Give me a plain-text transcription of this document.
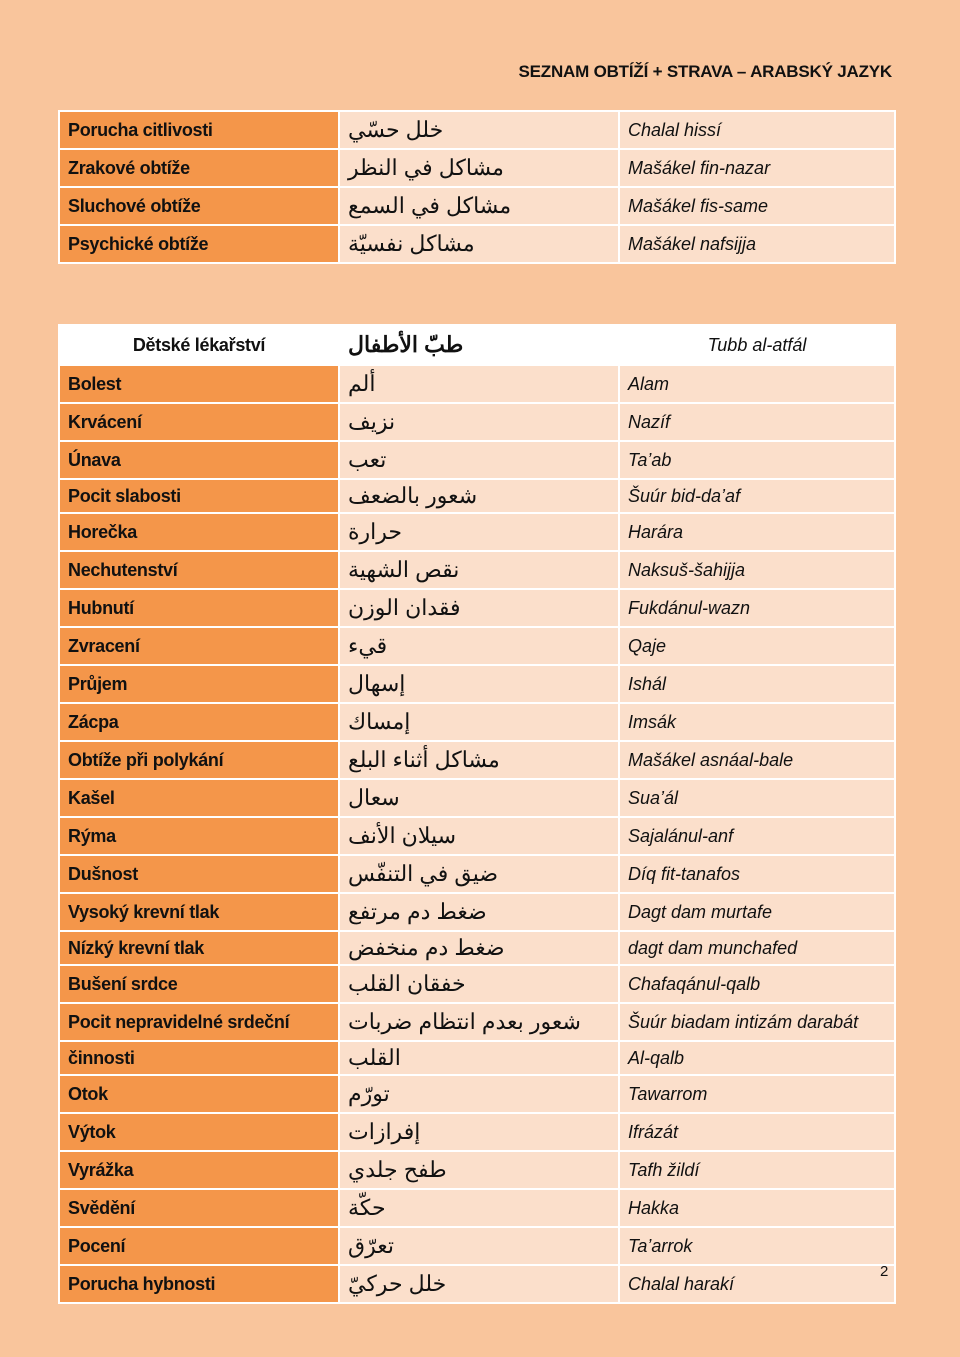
SEZNAM OBTÍŽÍ + STRAVA – ARABSKÝ JAZYK
Porucha citlivosti	خلل حسّي	Chalal hissí
Zrakové obtíže	مشاكل في النظر	Mašákel fin-nazar
Sluchové obtíže	مشاكل في السمع	Mašákel fis-same
Psychické obtíže	مشاكل نفسيّة	Mašákel nafsijja
Dětské lékařství	طبّ الأطفال	Tubb al-atfál
Bolest	ألم	Alam
Krvácení	نزيف	Nazíf
Únava	تعب	Ta’ab
Pocit slabosti	شعور بالضعف	Šuúr bid-da’af
Horečka	حرارة	Harára
Nechutenství	نقص الشهية	Naksuš-šahijja
Hubnutí	فقدان الوزن	Fukdánul-wazn
Zvracení	قيء	Qaje
Průjem	إسهال	Ishál
Zácpa	إمساك	Imsák
Obtíže při polykání	مشاكل أثناء البلع	Mašákel asnáal-bale
Kašel	سعال	Sua’ál
Rýma	سيلان الأنف	Sajalánul-anf
Dušnost	ضيق في التنفّس	Díq fit-tanafos
Vysoký krevní tlak	ضغط دم مرتفع	Dagt dam murtafe
Nízký krevní tlak	ضغط دم منخفض	dagt dam munchafed
Bušení srdce	خفقان القلب	Chafaqánul-qalb
Pocit nepravidelné srdeční	شعور بعدم انتظام ضربات	Šuúr biadam intizám darabát
činnosti	القلب	Al-qalb
Otok	تورّم	Tawarrom
Výtok	إفرازات	Ifrázát
Vyrážka	طفح جلدي	Tafh žildí
Svědění	حكّة	Hakka
Pocení	تعرّق	Ta’arrok
Porucha hybnosti	خلل حركيّ	Chalal harakí
2
